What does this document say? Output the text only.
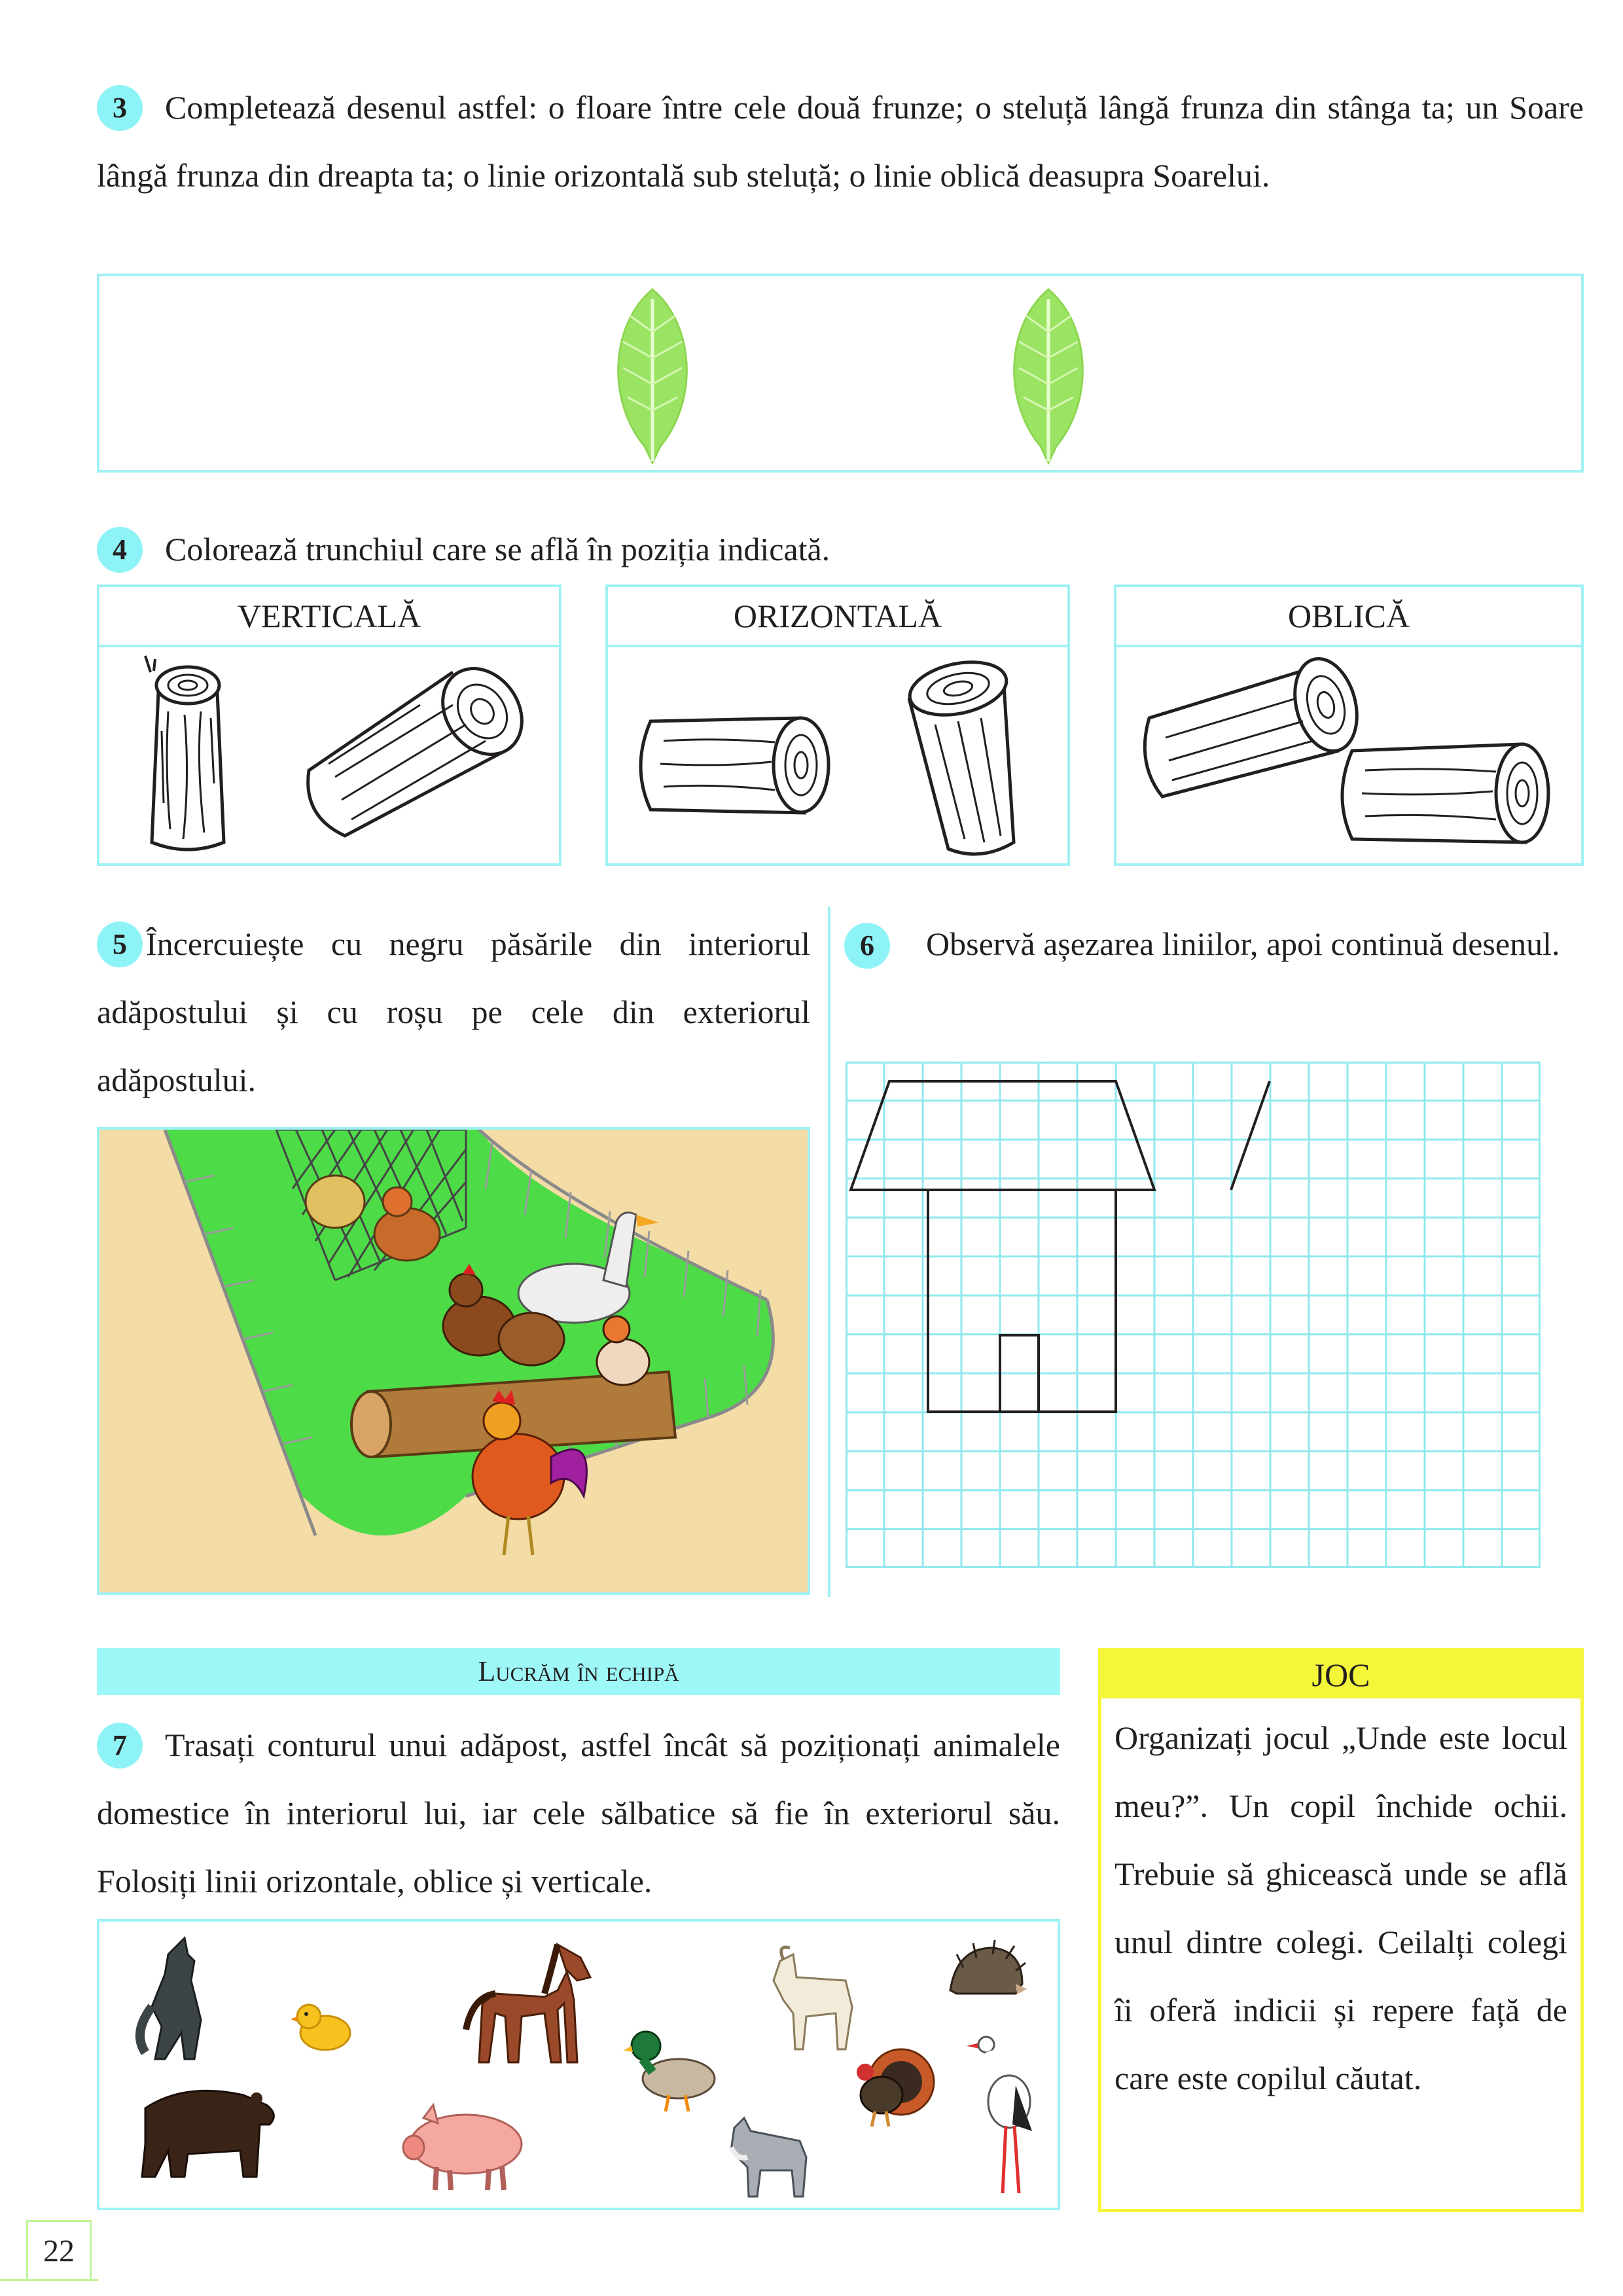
3	Completează desenul astfel: o floare între cele două frunze; o steluță lângă frunza din stânga ta; un Soare lângă frunza din dreapta ta; o linie orizontală sub steluță; o linie oblică deasupra Soarelui.
4	Colorează trunchiul care se află în poziția indicată.
VERTICALĂ	ORIZONTALĂ	OBLICĂ
5 Încercuiește cu negru păsările din interiorul adăpostului și cu roșu pe cele din exteriorul adăpostului.
6	Observă așezarea liniilor, apoi continuă desenul.
Lucrăm în echipă
7	Trasați conturul unui adăpost, astfel încât să poziționați animalele domestice în interiorul lui, iar cele sălbatice să fie în exteriorul său. Folosiți linii orizontale, oblice și verticale.
JOC
Organizați jocul „Unde este locul meu?”. Un copil închide ochii. Trebuie să ghicească unde se află unul dintre colegi. Ceilalți colegi îi oferă indicii și repere față de care este copilul căutat.
22
